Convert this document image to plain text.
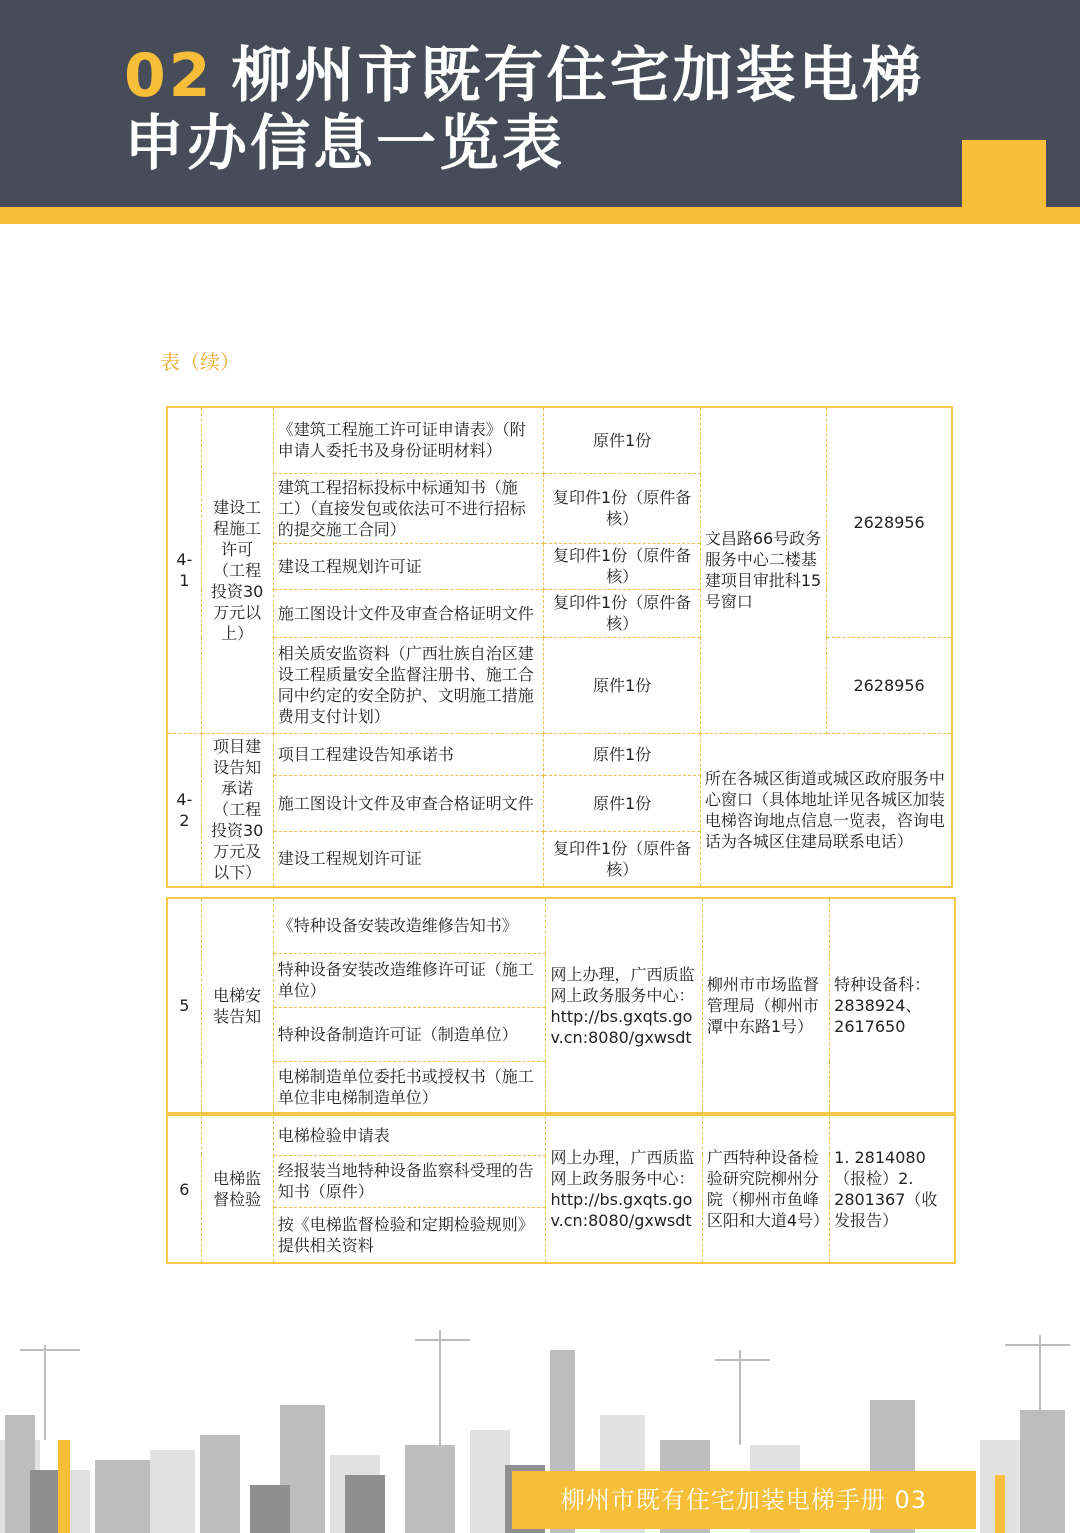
02 柳州市既有住宅加装电梯申办信息一览表
表（续）
4-1	建设工程施工许可（工程投资30万元以上）	《建筑工程施工许可证申请表》（附申请人委托书及身份证明材料）	原件1份	文昌路66号政务服务中心二楼基建项目审批科15号窗口	2628956
		建筑工程招标投标中标通知书（施工）（直接发包或依法可不进行招标的提交施工合同）	复印件1份（原件备核）		
		建设工程规划许可证	复印件1份（原件备核）		
		施工图设计文件及审查合格证明文件	复印件1份（原件备核）		
		相关质安监资料（广西壮族自治区建设工程质量安全监督注册书、施工合同中约定的安全防护、文明施工措施费用支付计划）	原件1份		2628956
4-2	项目建设告知承诺（工程投资30万元及以下）	项目工程建设告知承诺书	原件1份	所在各城区街道或城区政府服务中心窗口（具体地址详见各城区加装电梯咨询地点信息一览表，咨询电话为各城区住建局联系电话）	
		施工图设计文件及审查合格证明文件	原件1份		
		建设工程规划许可证	复印件1份（原件备核）		
5	电梯安装告知	《特种设备安装改造维修告知书》	网上办理，广西质监网上政务服务中心：http://bs.gxqts.gov.cn:8080/gxwsdt	柳州市市场监督管理局（柳州市潭中东路1号）	特种设备科：2838924、2617650
特种设备安装改造维修许可证（施工单位）
特种设备制造许可证（制造单位）
电梯制造单位委托书或授权书（施工单位非电梯制造单位）
6	电梯监督检验	电梯检验申请表	网上办理，广西质监网上政务服务中心：http://bs.gxqts.gov.cn:8080/gxwsdt	广西特种设备检验研究院柳州分院（柳州市鱼峰区阳和大道4号）	1. 2814080（报检）2. 2801367（收发报告）
经报装当地特种设备监察科受理的告知书（原件）
按《电梯监督检验和定期检验规则》提供相关资料
柳州市既有住宅加装电梯手册 03
